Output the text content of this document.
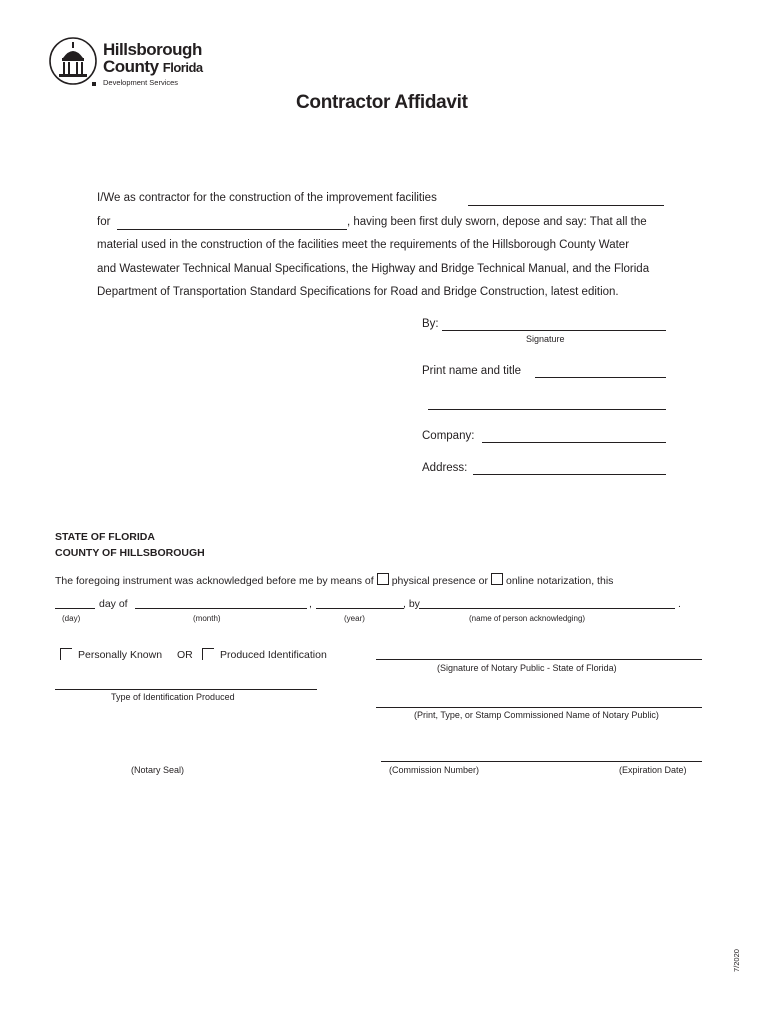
Hillsborough
County Florida
Development Services
Contractor Affidavit
I/We as contractor for the construction of the improvement facilities
for	, having been first duly sworn, depose and say: That all the
material used in the construction of the facilities meet the requirements of the Hillsborough County Water
and Wastewater Technical Manual Specifications, the Highway and Bridge Technical Manual, and the Florida
Department of Transportation Standard Specifications for Road and Bridge Construction, latest edition.
By:
Signature
Print name and title
Company:
Address:
STATE OF FLORIDA
COUNTY OF HILLSBOROUGH
The foregoing instrument was acknowledged before me by means of physical presence or online notarization, this
day of	,	, by	.
(day)	(month)	(year)	(name of person acknowledging)
Personally Known OR	Produced Identification
(Signature of Notary Public - State of Florida)
Type of Identification Produced
(Print, Type, or Stamp Commissioned Name of Notary Public)
(Notary Seal)	(Commission Number)	(Expiration Date)
7/2020
